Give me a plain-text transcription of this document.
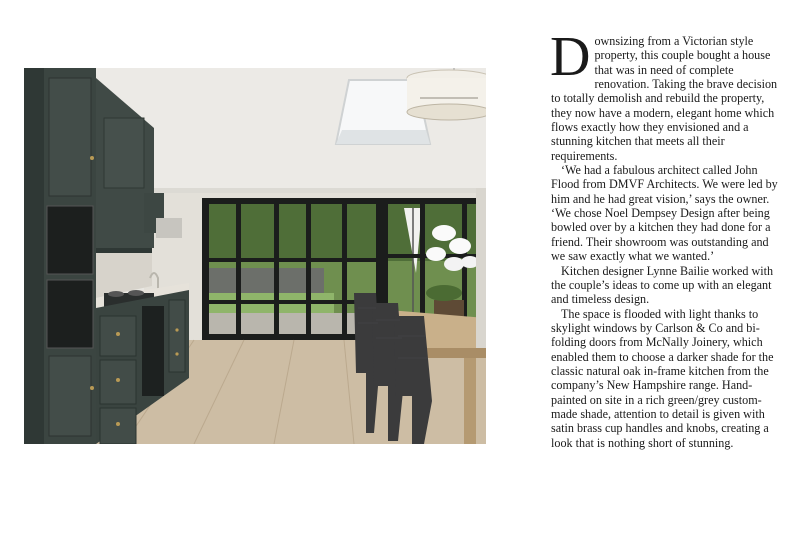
Downsizing from a Victorian style property, this couple bought a house that was in need of complete renovation. Taking the brave decision to totally demolish and rebuild the property, they now have a modern, elegant home which flows exactly how they envisioned and a stunning kitchen that meets all their requirements.

‘We had a fabulous architect called John Flood from DMVF Architects. We were led by him and he had great vision,’ says the owner. ‘We chose Noel Dempsey Design after being bowled over by a kitchen they had done for a friend. Their showroom was outstanding and we saw exactly what we wanted.’

Kitchen designer Lynne Bailie worked with the couple’s ideas to come up with an elegant and timeless design.

The space is flooded with light thanks to skylight windows by Carlson & Co and bi-folding doors from McNally Joinery, which enabled them to choose a darker shade for the classic natural oak in-frame kitchen from the company’s New Hampshire range. Hand-painted on site in a rich green/grey custom-made shade, attention to detail is given with satin brass cup handles and knobs, creating a look that is nothing short of stunning.
